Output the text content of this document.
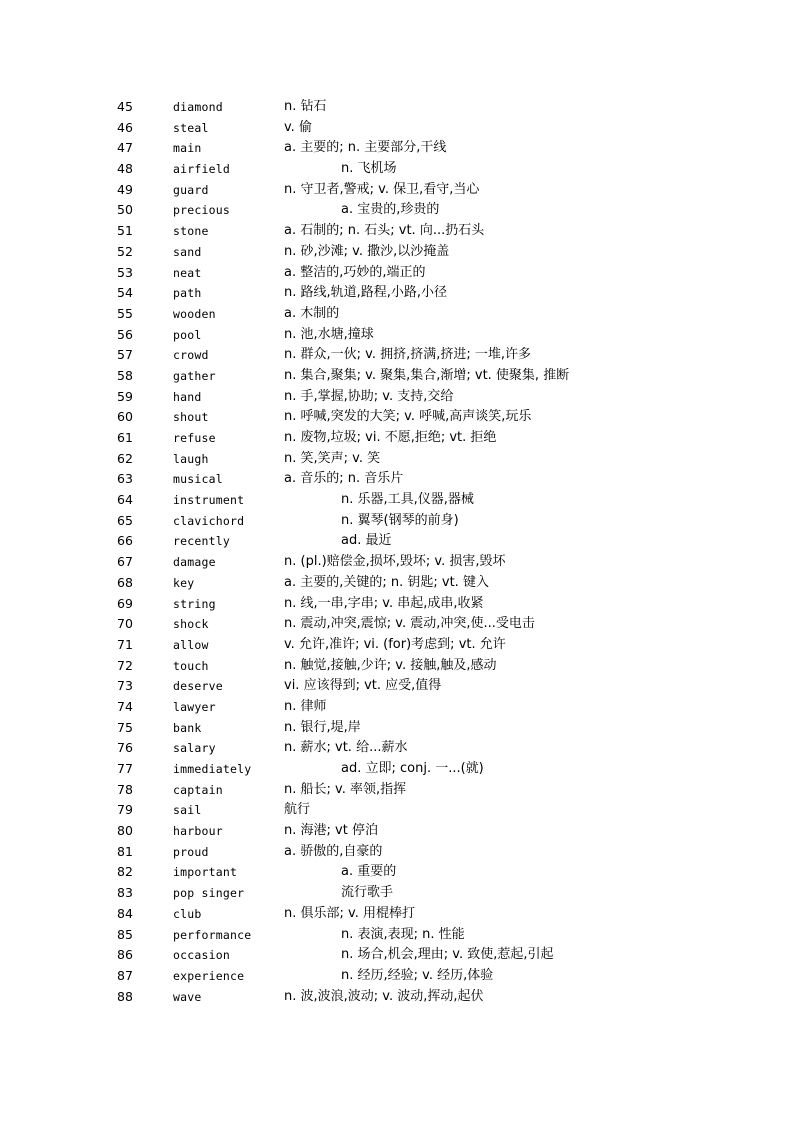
45	diamond	n. 钻石
46	steal	v. 偷
47	main	a. 主要的; n. 主要部分,干线
48	airfield	n. 飞机场
49	guard	n. 守卫者,警戒; v. 保卫,看守,当心
50	precious	a. 宝贵的,珍贵的
51	stone	a. 石制的; n. 石头; vt. 向...扔石头
52	sand	n. 砂,沙滩; v. 撒沙,以沙掩盖
53	neat	a. 整洁的,巧妙的,端正的
54	path	n. 路线,轨道,路程,小路,小径
55	wooden	a. 木制的
56	pool	n. 池,水塘,撞球
57	crowd	n. 群众,一伙; v. 拥挤,挤满,挤进; 一堆,许多
58	gather	n. 集合,聚集; v. 聚集,集合,渐增; vt. 使聚集, 推断
59	hand	n. 手,掌握,协助; v. 支持,交给
60	shout	n. 呼喊,突发的大笑; v. 呼喊,高声谈笑,玩乐
61	refuse	n. 废物,垃圾; vi. 不愿,拒绝; vt. 拒绝
62	laugh	n. 笑,笑声; v. 笑
63	musical	a. 音乐的; n. 音乐片
64	instrument	n. 乐器,工具,仪器,器械
65	clavichord	n. 翼琴(钢琴的前身)
66	recently	ad. 最近
67	damage	n. (pl.)赔偿金,损坏,毁坏; v. 损害,毁坏
68	key	a. 主要的,关键的; n. 钥匙; vt. 键入
69	string	n. 线,一串,字串; v. 串起,成串,收紧
70	shock	n. 震动,冲突,震惊; v. 震动,冲突,使...受电击
71	allow	v. 允许,准许; vi. (for)考虑到; vt. 允许
72	touch	n. 触觉,接触,少许; v. 接触,触及,感动
73	deserve	vi. 应该得到; vt. 应受,值得
74	lawyer	n. 律师
75	bank	n. 银行,堤,岸
76	salary	n. 薪水; vt. 给...薪水
77	immediately	ad. 立即; conj. 一...(就)
78	captain	n. 船长; v. 率领,指挥
79	sail	航行
80	harbour	n. 海港; vt 停泊
81	proud	a. 骄傲的,自豪的
82	important	a. 重要的
83	pop singer	流行歌手
84	club	n. 俱乐部; v. 用棍棒打
85	performance	n. 表演,表现; n. 性能
86	occasion	n. 场合,机会,理由; v. 致使,惹起,引起
87	experience	n. 经历,经验; v. 经历,体验
88	wave	n. 波,波浪,波动; v. 波动,挥动,起伏
